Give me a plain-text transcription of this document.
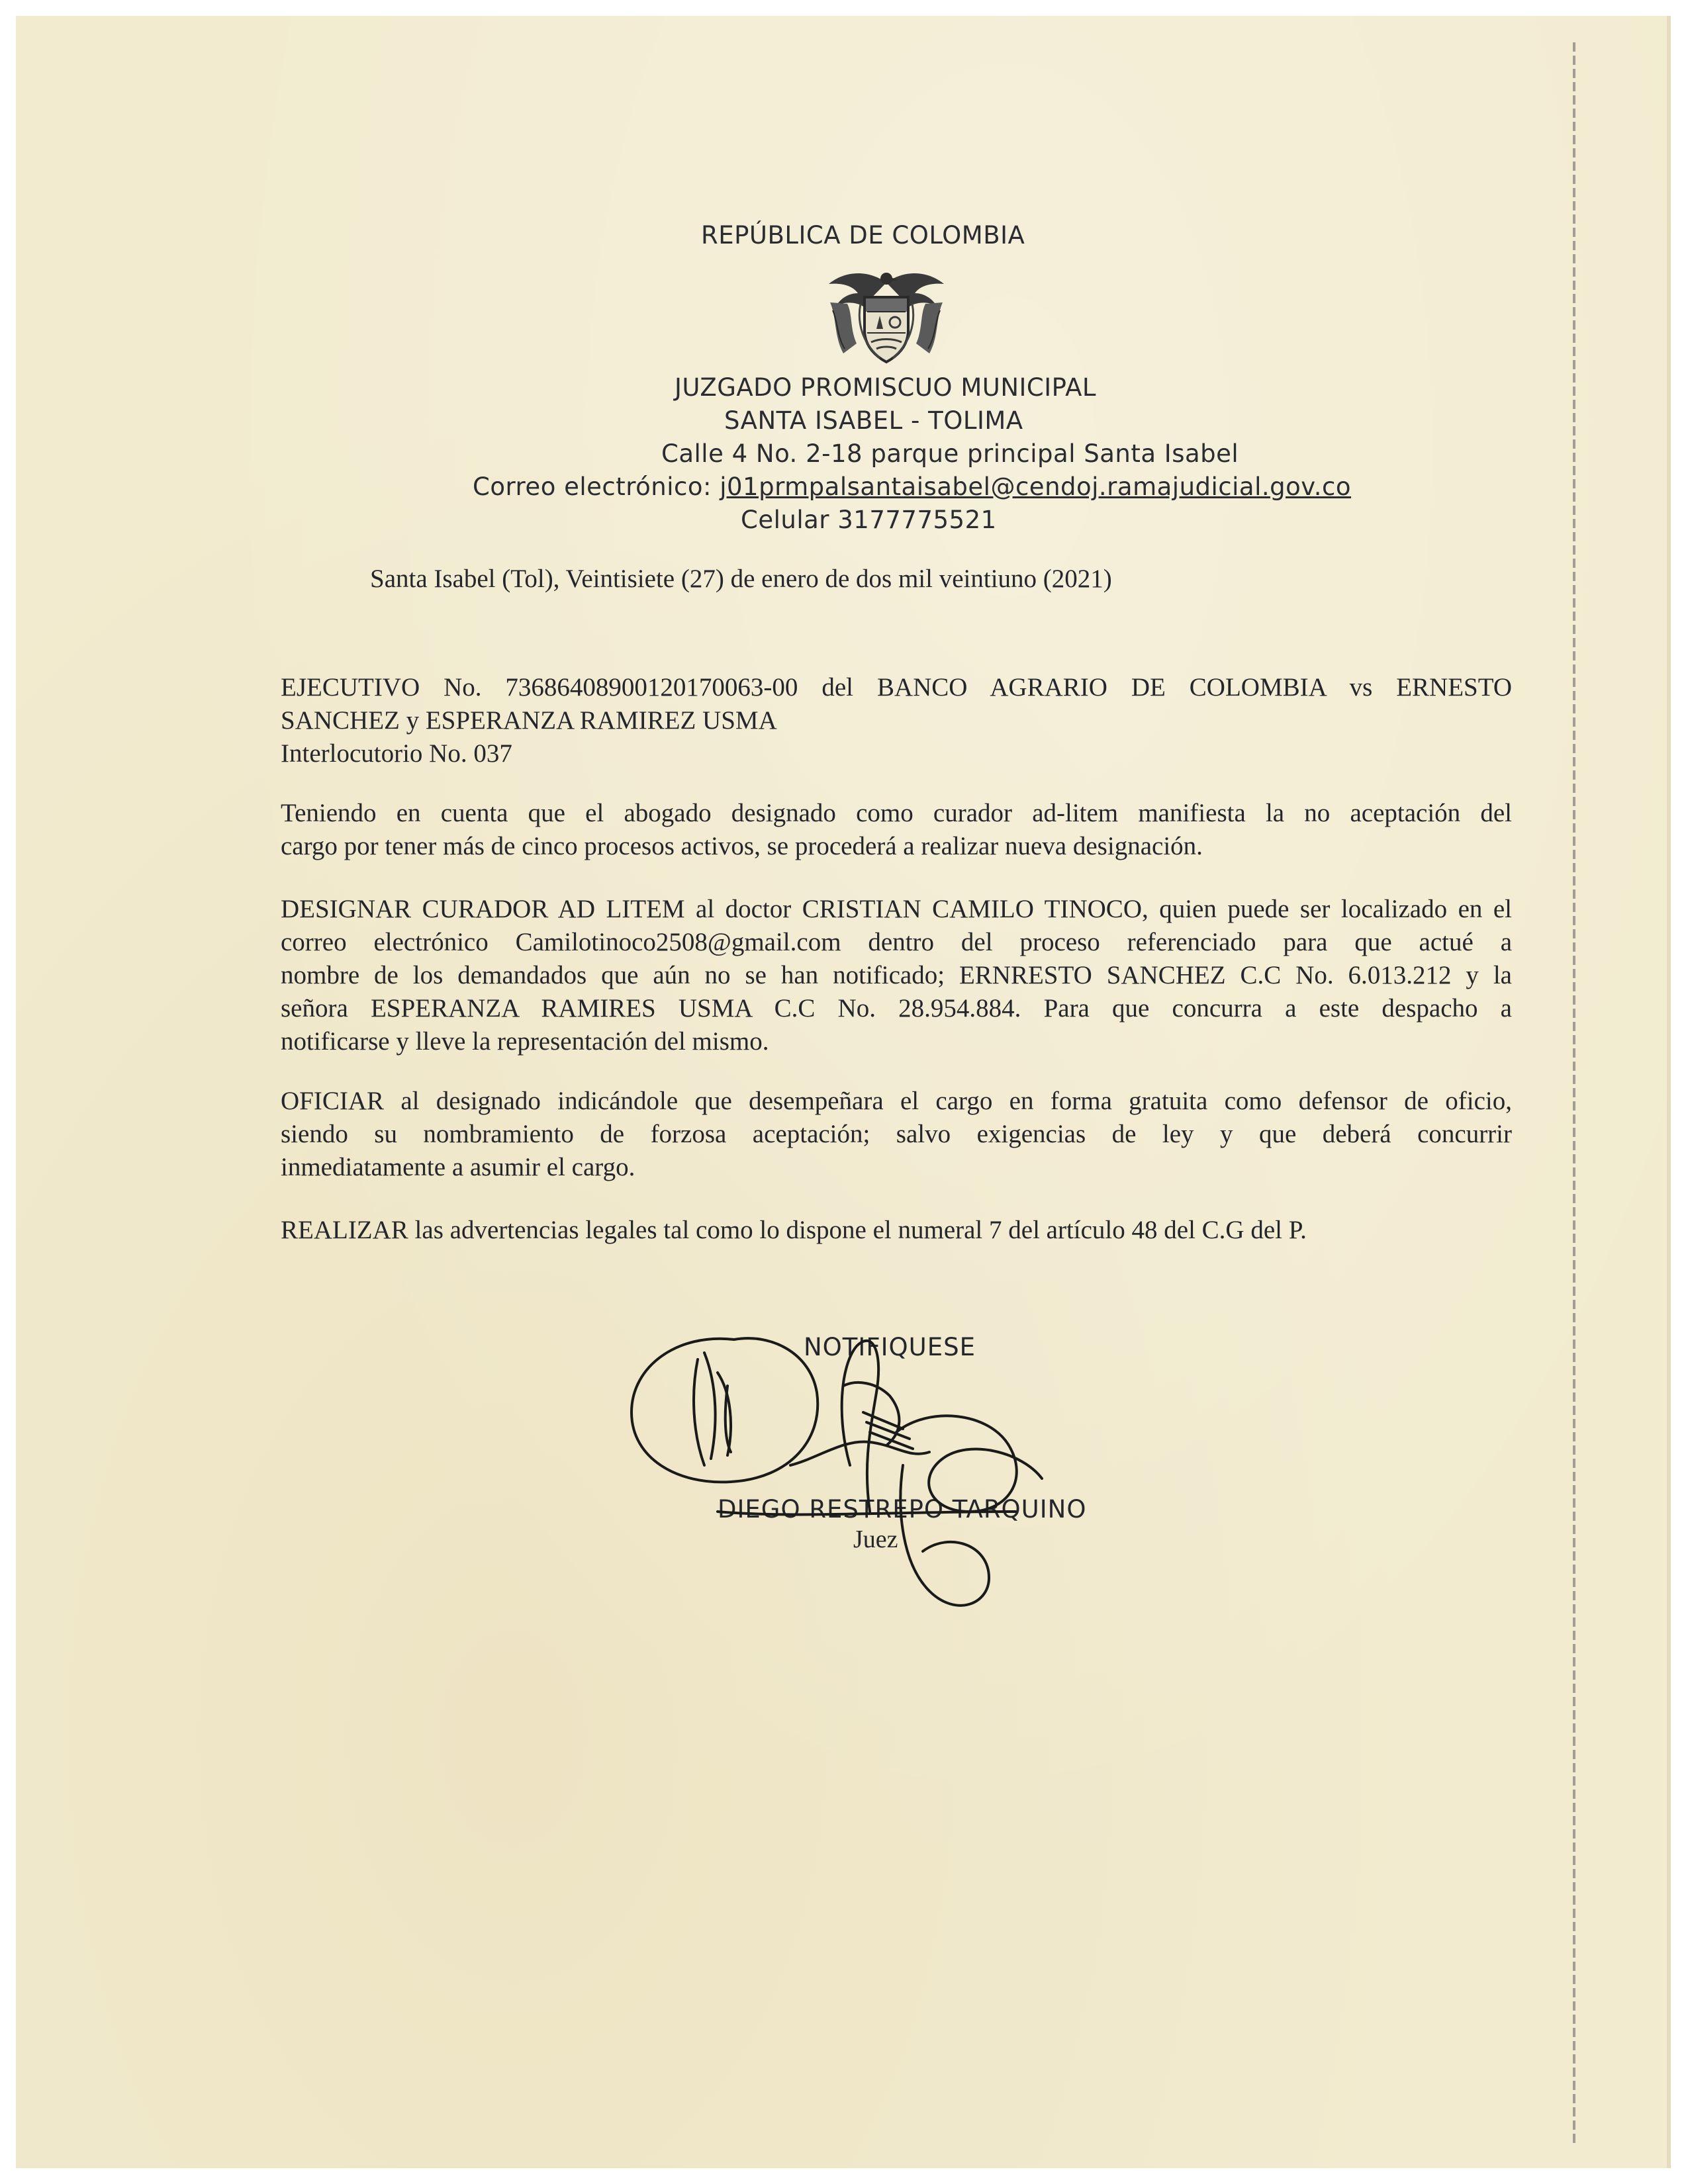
REPÚBLICA DE COLOMBIA
JUZGADO PROMISCUO MUNICIPAL
SANTA ISABEL - TOLIMA
Calle 4 No. 2-18 parque principal Santa Isabel
Correo electrónico: j01prmpalsantaisabel@cendoj.ramajudicial.gov.co
Celular 3177775521
Santa Isabel (Tol), Veintisiete (27) de enero de dos mil veintiuno (2021)
EJECUTIVO No. 73686408900120170063-00 del BANCO AGRARIO DE COLOMBIA vs ERNESTO
SANCHEZ y ESPERANZA RAMIREZ USMA
Interlocutorio No. 037
Teniendo en cuenta que el abogado designado como curador ad-litem manifiesta la no aceptación del
cargo por tener más de cinco procesos activos, se procederá a realizar nueva designación.
DESIGNAR CURADOR AD LITEM al doctor CRISTIAN CAMILO TINOCO, quien puede ser localizado en el
correo electrónico Camilotinoco2508@gmail.com dentro del proceso referenciado para que actué a
nombre de los demandados que aún no se han notificado; ERNRESTO SANCHEZ C.C No. 6.013.212 y la
señora ESPERANZA RAMIRES USMA C.C No. 28.954.884. Para que concurra a este despacho a
notificarse y lleve la representación del mismo.
OFICIAR al designado indicándole que desempeñara el cargo en forma gratuita como defensor de oficio,
siendo su nombramiento de forzosa aceptación; salvo exigencias de ley y que deberá concurrir
inmediatamente a asumir el cargo.
REALIZAR las advertencias legales tal como lo dispone el numeral 7 del artículo 48 del C.G del P.
NOTIFIQUESE
DIEGO RESTREPO TARQUINO
Juez
